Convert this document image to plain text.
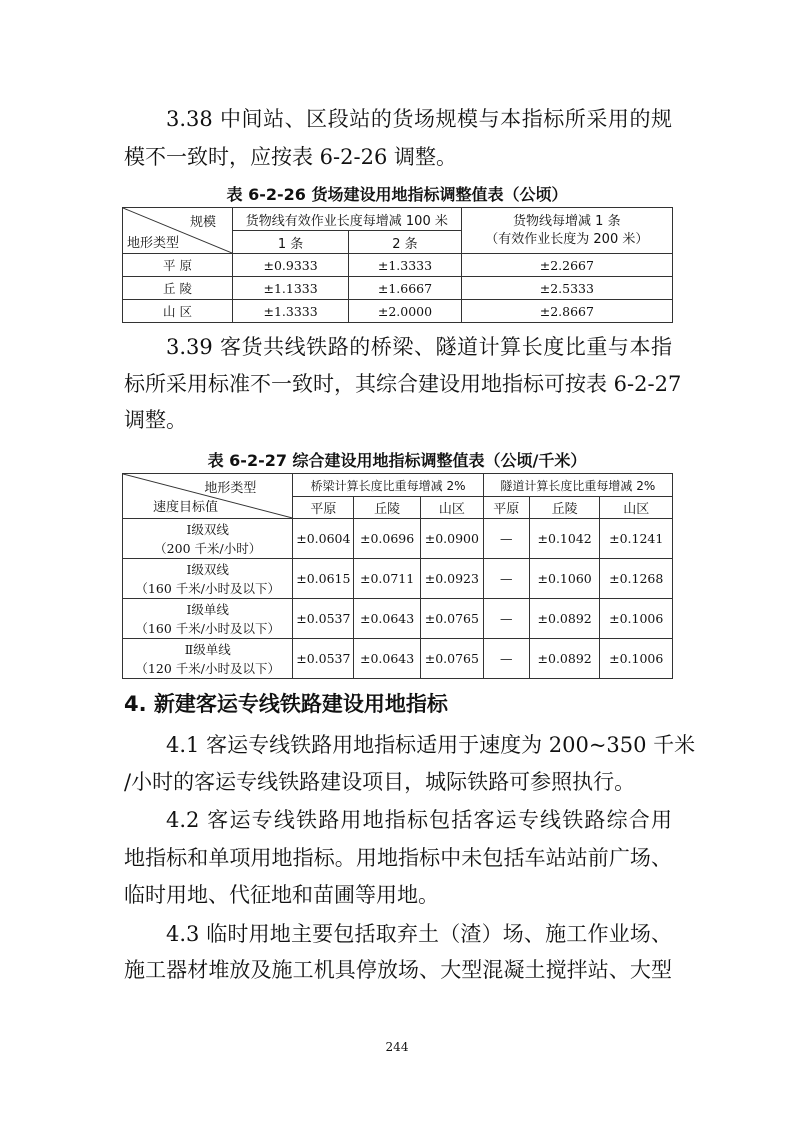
3.38 中间站、区段站的货场规模与本指标所采用的规
模不一致时，应按表 6-2-26 调整。
表 6-2-26 货场建设用地指标调整值表（公顷）
规模
地形类型	货物线有效作业长度每增减 100 米		货物线每增减 1 条
（有效作业长度为 200 米）
	1 条	2 条	
平 原	±0.9333	±1.3333	±2.2667
丘 陵	±1.1333	±1.6667	±2.5333
山 区	±1.3333	±2.0000	±2.8667
3.39 客货共线铁路的桥梁、隧道计算长度比重与本指
标所采用标准不一致时，其综合建设用地指标可按表 6-2-27
调整。
表 6-2-27 综合建设用地指标调整值表（公顷/千米）
地形类型
速度目标值	桥梁计算长度比重每增减 2%			隧道计算长度比重每增减 2%		
	平原	丘陵	山区	平原	丘陵	山区
Ⅰ级双线
（200 千米/小时）	±0.0604	±0.0696	±0.0900	—	±0.1042	±0.1241
Ⅰ级双线
（160 千米/小时及以下）	±0.0615	±0.0711	±0.0923	—	±0.1060	±0.1268
Ⅰ级单线
（160 千米/小时及以下）	±0.0537	±0.0643	±0.0765	—	±0.0892	±0.1006
Ⅱ级单线
（120 千米/小时及以下）	±0.0537	±0.0643	±0.0765	—	±0.0892	±0.1006
4. 新建客运专线铁路建设用地指标
4.1 客运专线铁路用地指标适用于速度为 200~350 千米
/小时的客运专线铁路建设项目，城际铁路可参照执行。
4.2 客运专线铁路用地指标包括客运专线铁路综合用
地指标和单项用地指标。用地指标中未包括车站站前广场、
临时用地、代征地和苗圃等用地。
4.3 临时用地主要包括取弃土（渣）场、施工作业场、
施工器材堆放及施工机具停放场、大型混凝土搅拌站、大型
244
